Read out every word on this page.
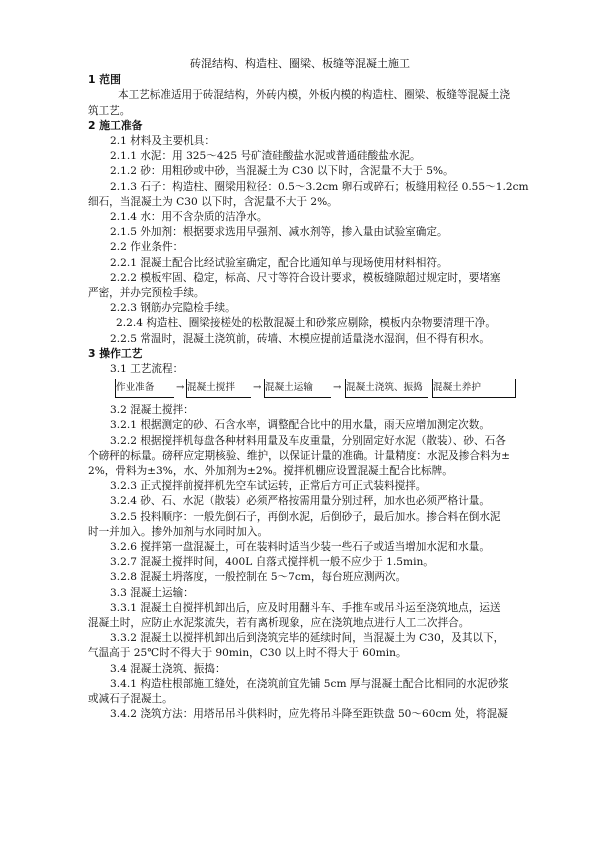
砖混结构、构造柱、圈梁、板缝等混凝土施工
1 范围
本工艺标准适用于砖混结构，外砖内模，外板内模的构造柱、圈梁、板缝等混凝土浇
筑工艺。
2 施工准备
2.1 材料及主要机具：
2.1.1 水泥：用 325～425 号矿渣硅酸盐水泥或普通硅酸盐水泥。
2.1.2 砂：用粗砂或中砂，当混凝土为 C30 以下时，含泥量不大于 5%。
2.1.3 石子：构造柱、圈梁用粒径：0.5～3.2cm 卵石或碎石；板缝用粒径 0.55～1.2cm
细石，当混凝土为 C30 以下时，含泥量不大于 2%。
2.1.4 水：用不含杂质的洁净水。
2.1.5 外加剂：根据要求选用早强剂、减水剂等，掺入量由试验室确定。
2.2 作业条件：
2.2.1 混凝土配合比经试验室确定，配合比通知单与现场使用材料相符。
2.2.2 模板牢固、稳定，标高、尺寸等符合设计要求，模板缝隙超过规定时，要堵塞
严密，并办完预检手续。
2.2.3 钢筋办完隐检手续。
2.2.4 构造柱、圈梁接槎处的松散混凝土和砂浆应剔除，模板内杂物要清理干净。
2.2.5 常温时，混凝土浇筑前，砖墙、木模应提前适量浇水湿润，但不得有积水。
3 操作工艺
3.1 工艺流程：
作业准备	→ 混凝土搅拌	→ 混凝土运输	→ 混凝土浇筑、振捣	混凝土养护
3.2 混凝土搅拌：
3.2.1 根据测定的砂、石含水率，调整配合比中的用水量，雨天应增加测定次数。
3.2.2 根据搅拌机每盘各种材料用量及车皮重量，分别固定好水泥（散装）、砂、石各
个磅秤的标量。磅秤应定期核验、维护，以保证计量的准确。计量精度：水泥及掺合料为±
2%，骨料为±3%，水、外加剂为±2%。搅拌机棚应设置混凝土配合比标牌。
3.2.3 正式搅拌前搅拌机先空车试运转，正常后方可正式装料搅拌。
3.2.4 砂、石、水泥（散装）必须严格按需用量分别过秤，加水也必须严格计量。
3.2.5 投料顺序：一般先倒石子，再倒水泥，后倒砂子，最后加水。掺合料在倒水泥
时一并加入。掺外加剂与水同时加入。
3.2.6 搅拌第一盘混凝土，可在装料时适当少装一些石子或适当增加水泥和水量。
3.2.7 混凝土搅拌时间，400L 自落式搅拌机一般不应少于 1.5min。
3.2.8 混凝土坍落度，一般控制在 5～7cm，每台班应测两次。
3.3 混凝土运输：
3.3.1 混凝土自搅拌机卸出后，应及时用翻斗车、手推车或吊斗运至浇筑地点，运送
混凝土时，应防止水泥浆流失，若有离析现象，应在浇筑地点进行人工二次拌合。
3.3.2 混凝土以搅拌机卸出后到浇筑完毕的延续时间，当混凝土为 C30，及其以下，
气温高于 25℃时不得大于 90min，C30 以上时不得大于 60min。
3.4 混凝土浇筑、振捣：
3.4.1 构造柱根部施工缝处，在浇筑前宜先铺 5cm 厚与混凝土配合比相同的水泥砂浆
或减石子混凝土。
3.4.2 浇筑方法：用塔吊吊斗供料时，应先将吊斗降至距铁盘 50～60cm 处，将混凝
